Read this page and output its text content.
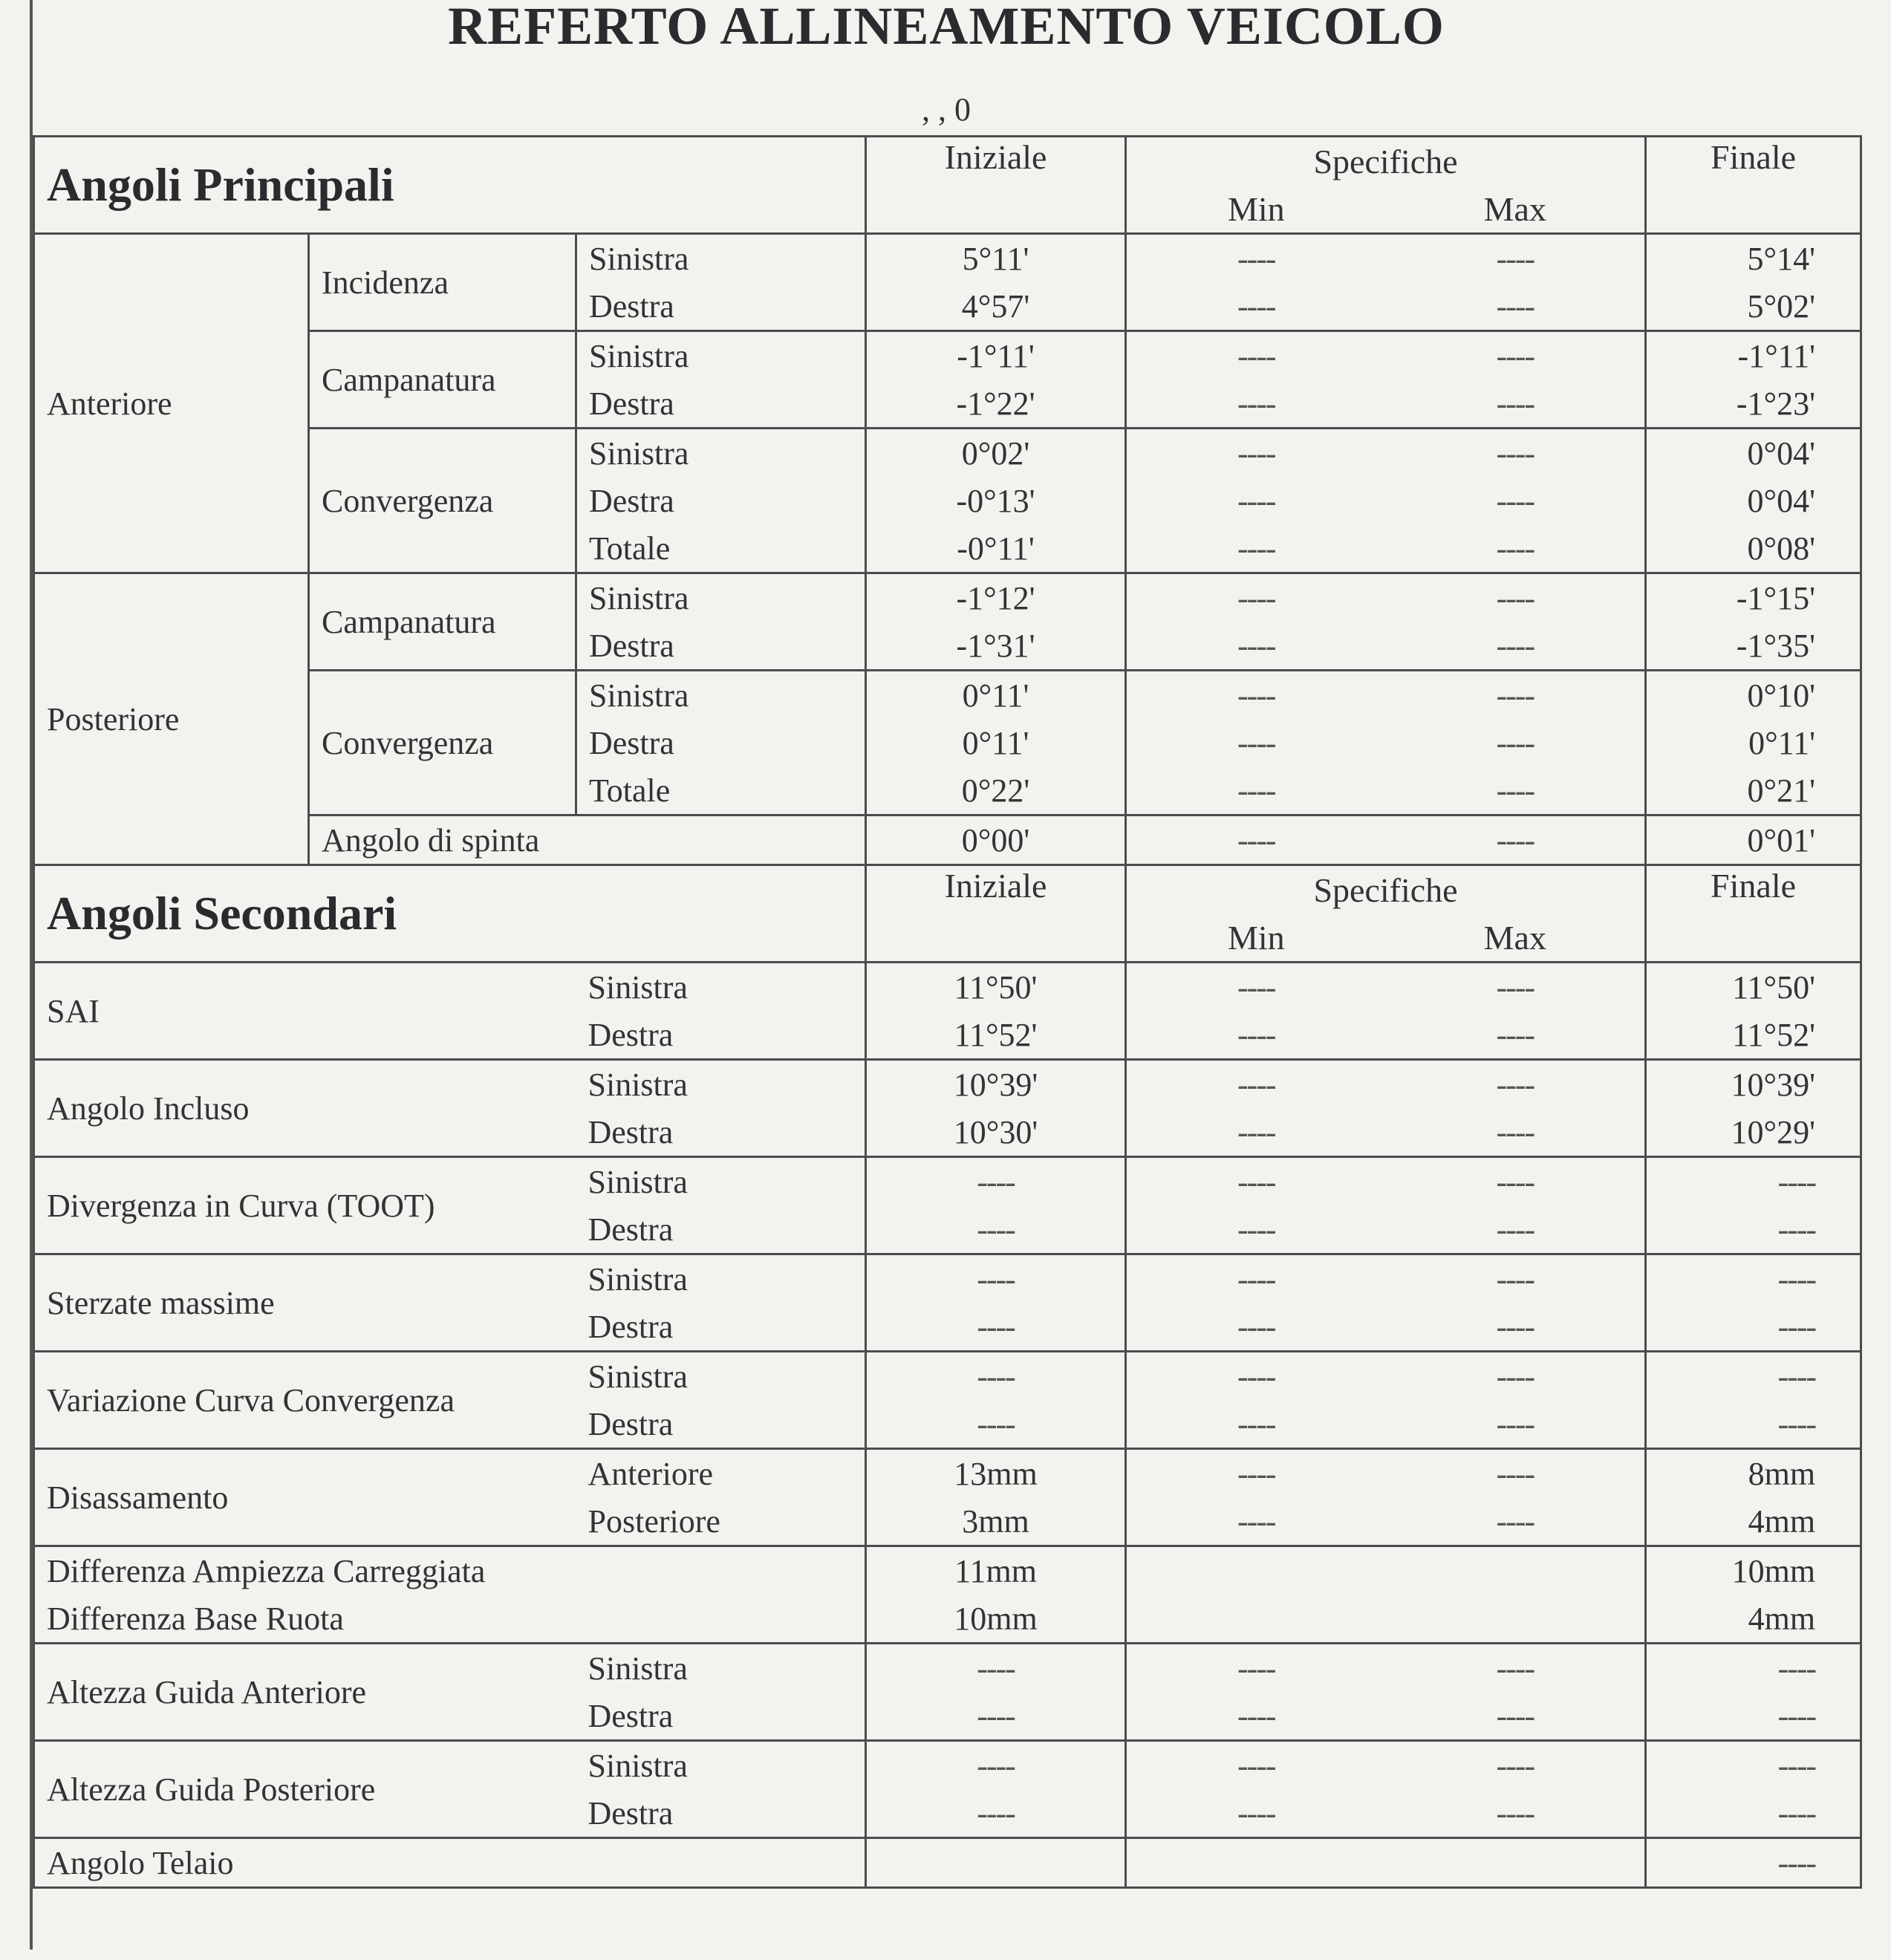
REFERTO ALLINEAMENTO VEICOLO
, , 0
Angoli Principali			Iniziale	Specifiche		Finale
				Min	Max	
Anteriore	Incidenza	Sinistra	5°11'	----	----	5°14'
		Destra	4°57'	----	----	5°02'
	Campanatura	Sinistra	-1°11'	----	----	-1°11'
		Destra	-1°22'	----	----	-1°23'
	Convergenza	Sinistra	0°02'	----	----	0°04'
		Destra	-0°13'	----	----	0°04'
		Totale	-0°11'	----	----	0°08'
Posteriore	Campanatura	Sinistra	-1°12'	----	----	-1°15'
		Destra	-1°31'	----	----	-1°35'
	Convergenza	Sinistra	0°11'	----	----	0°10'
		Destra	0°11'	----	----	0°11'
		Totale	0°22'	----	----	0°21'
	Angolo di spinta		0°00'	----	----	0°01'
Angoli Secondari			Iniziale	Specifiche		Finale
				Min	Max	
SAI		Sinistra	11°50'	----	----	11°50'
		Destra	11°52'	----	----	11°52'
Angolo Incluso		Sinistra	10°39'	----	----	10°39'
		Destra	10°30'	----	----	10°29'
Divergenza in Curva (TOOT)		Sinistra	----	----	----	----
		Destra	----	----	----	----
Sterzate massime		Sinistra	----	----	----	----
		Destra	----	----	----	----
Variazione Curva Convergenza		Sinistra	----	----	----	----
		Destra	----	----	----	----
Disassamento		Anteriore	13mm	----	----	8mm
		Posteriore	3mm	----	----	4mm
Differenza Ampiezza Carreggiata			11mm			10mm
Differenza Base Ruota			10mm			4mm
Altezza Guida Anteriore		Sinistra	----	----	----	----
		Destra	----	----	----	----
Altezza Guida Posteriore		Sinistra	----	----	----	----
		Destra	----	----	----	----
Angolo Telaio						----
